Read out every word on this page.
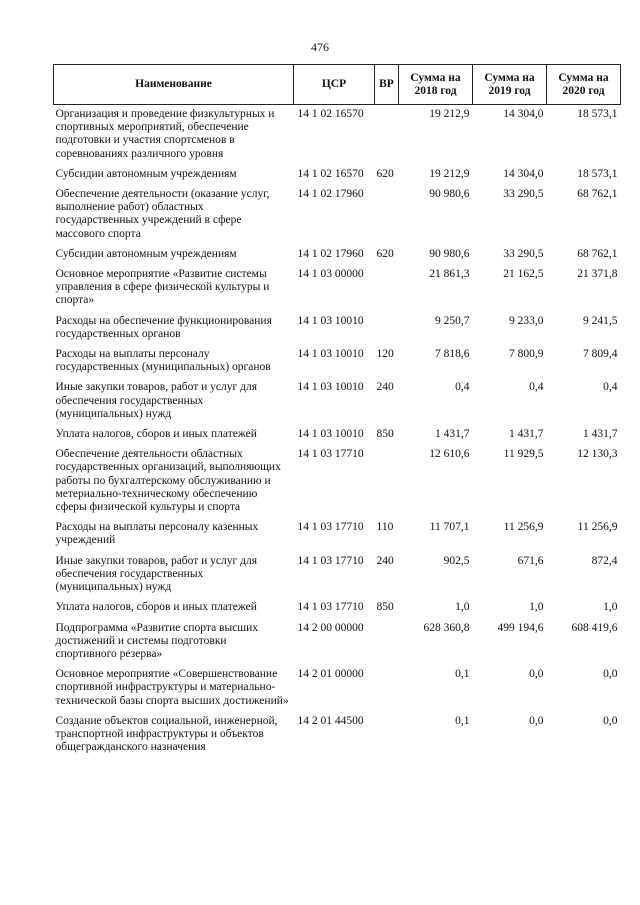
476
Наименование	ЦСР	ВР	Сумма на 2018 год	Сумма на 2019 год	Сумма на 2020 год
Организация и проведение физкультурных и спортивных мероприятий, обеспечение подготовки и участия спортсменов в соревнованиях различного уровня	14 1 02 16570		19 212,9	14 304,0	18 573,1
Субсидии автономным учреждениям	14 1 02 16570	620	19 212,9	14 304,0	18 573,1
Обеспечение деятельности (оказание услуг, выполнение работ) областных государственных учреждений в сфере массового спорта	14 1 02 17960		90 980,6	33 290,5	68 762,1
Субсидии автономным учреждениям	14 1 02 17960	620	90 980,6	33 290,5	68 762,1
Основное мероприятие «Развитие системы управления в сфере физической культуры и спорта»	14 1 03 00000		21 861,3	21 162,5	21 371,8
Расходы на обеспечение функционирования государственных органов	14 1 03 10010		9 250,7	9 233,0	9 241,5
Расходы на выплаты персоналу государственных (муниципальных) органов	14 1 03 10010	120	7 818,6	7 800,9	7 809,4
Иные закупки товаров, работ и услуг для обеспечения государственных (муниципальных) нужд	14 1 03 10010	240	0,4	0,4	0,4
Уплата налогов, сборов и иных платежей	14 1 03 10010	850	1 431,7	1 431,7	1 431,7
Обеспечение деятельности областных государственных организаций, выполняющих работы по бухгалтерскому обслуживанию и метериально-техническому обеспечению сферы физической культуры и спорта	14 1 03 17710		12 610,6	11 929,5	12 130,3
Расходы на выплаты персоналу казенных учреждений	14 1 03 17710	110	11 707,1	11 256,9	11 256,9
Иные закупки товаров, работ и услуг для обеспечения государственных (муниципальных) нужд	14 1 03 17710	240	902,5	671,6	872,4
Уплата налогов, сборов и иных платежей	14 1 03 17710	850	1,0	1,0	1,0
Подпрограмма «Развитие спорта высших достижений и системы подготовки спортивного резерва»	14 2 00 00000		628 360,8	499 194,6	608 419,6
Основное мероприятие «Совершенствование спортивной инфраструктуры и материально-технической базы спорта высших достижений»	14 2 01 00000		0,1	0,0	0,0
Создание объектов социальной, инженерной, транспортной инфраструктуры и объектов общегражданского назначения	14 2 01 44500		0,1	0,0	0,0
